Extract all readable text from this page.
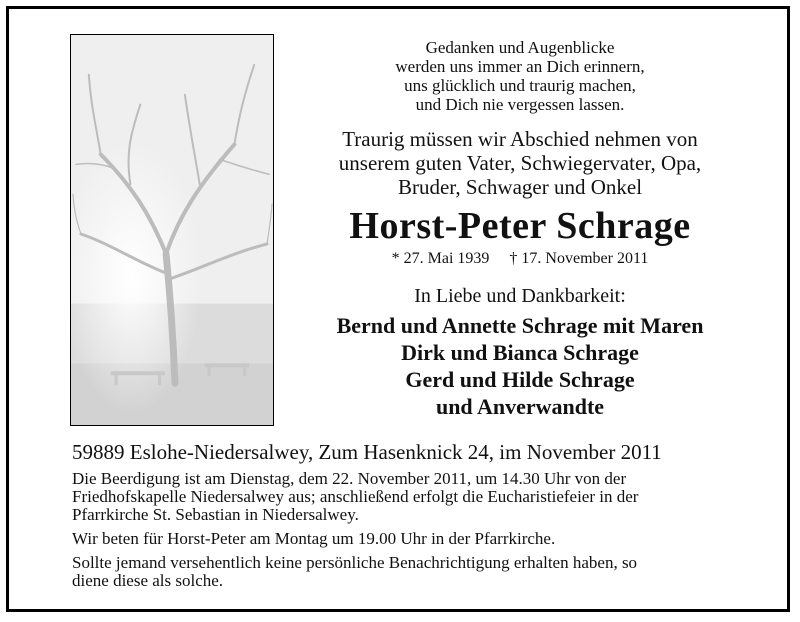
Gedanken und Augenblicke
werden uns immer an Dich erinnern,
uns glücklich und traurig machen,
und Dich nie vergessen lassen.
Traurig müssen wir Abschied nehmen von
unserem guten Vater, Schwiegervater, Opa,
Bruder, Schwager und Onkel
Horst-Peter Schrage
* 27. Mai 1939 † 17. November 2011
In Liebe und Dankbarkeit:
Bernd und Annette Schrage mit Maren
Dirk und Bianca Schrage
Gerd und Hilde Schrage
und Anverwandte
59889 Eslohe-Niedersalwey, Zum Hasenknick 24, im November 2011

Die Beerdigung ist am Dienstag, dem 22. November 2011, um 14.30 Uhr von der
Friedhofskapelle Niedersalwey aus; anschließend erfolgt die Eucharistiefeier in der
Pfarrkirche St. Sebastian in Niedersalwey.

Wir beten für Horst-Peter am Montag um 19.00 Uhr in der Pfarrkirche.

Sollte jemand versehentlich keine persönliche Benachrichtigung erhalten haben, so
diene diese als solche.
